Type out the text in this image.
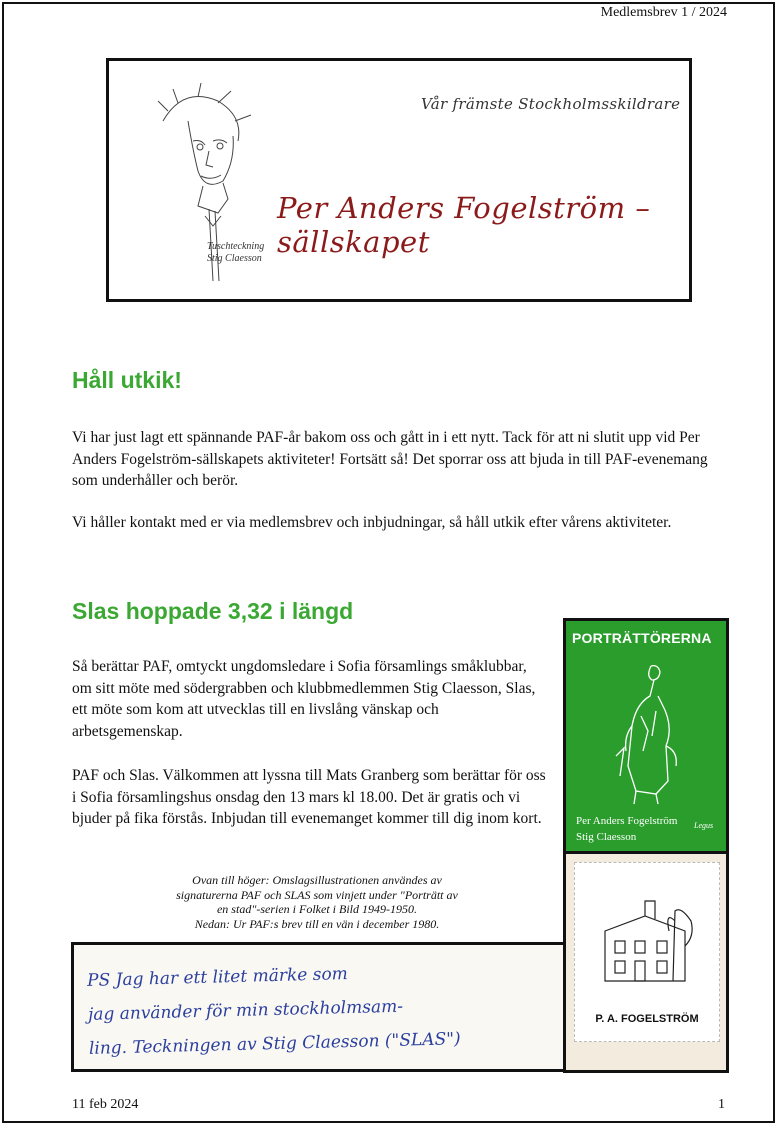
Medlemsbrev 1 / 2024
Vår främste Stockholmsskildrare
Per Anders Fogelström – sällskapet
Tuschteckning
Stig Claesson
Håll utkik!

Vi har just lagt ett spännande PAF-år bakom oss och gått in i ett nytt. Tack för att ni slutit upp vid Per Anders Fogelström-sällskapets aktiviteter! Fortsätt så! Det sporrar oss att bjuda in till PAF-evenemang som underhåller och berör.

Vi håller kontakt med er via medlemsbrev och inbjudningar, så håll utkik efter vårens aktiviteter.

Slas hoppade 3,32 i längd

Så berättar PAF, omtyckt ungdomsledare i Sofia församlings småklubbar, om sitt möte med södergrabben och klubbmedlemmen Stig Claesson, Slas, ett möte som kom att utvecklas till en livslång vänskap och arbetsgemenskap.

PAF och Slas. Välkommen att lyssna till Mats Granberg som berättar för oss i Sofia församlingshus onsdag den 13 mars kl 18.00. Det är gratis och vi bjuder på fika förstås. Inbjudan till evenemanget kommer till dig inom kort.

PORTRÄTTÖRERNA
Per Anders Fogelström
Stig Claesson
Legus
P. A. FOGELSTRÖM
Ovan till höger: Omslagsillustrationen användes av
signaturerna PAF och SLAS som vinjett under "Porträtt av
en stad"-serien i Folket i Bild 1949-1950.
Nedan: Ur PAF:s brev till en vän i december 1980.
PS Jag har ett litet märke som
jag använder för min stockholmsam-
ling. Teckningen av Stig Claesson ("SLAS")
11 feb 2024	1
